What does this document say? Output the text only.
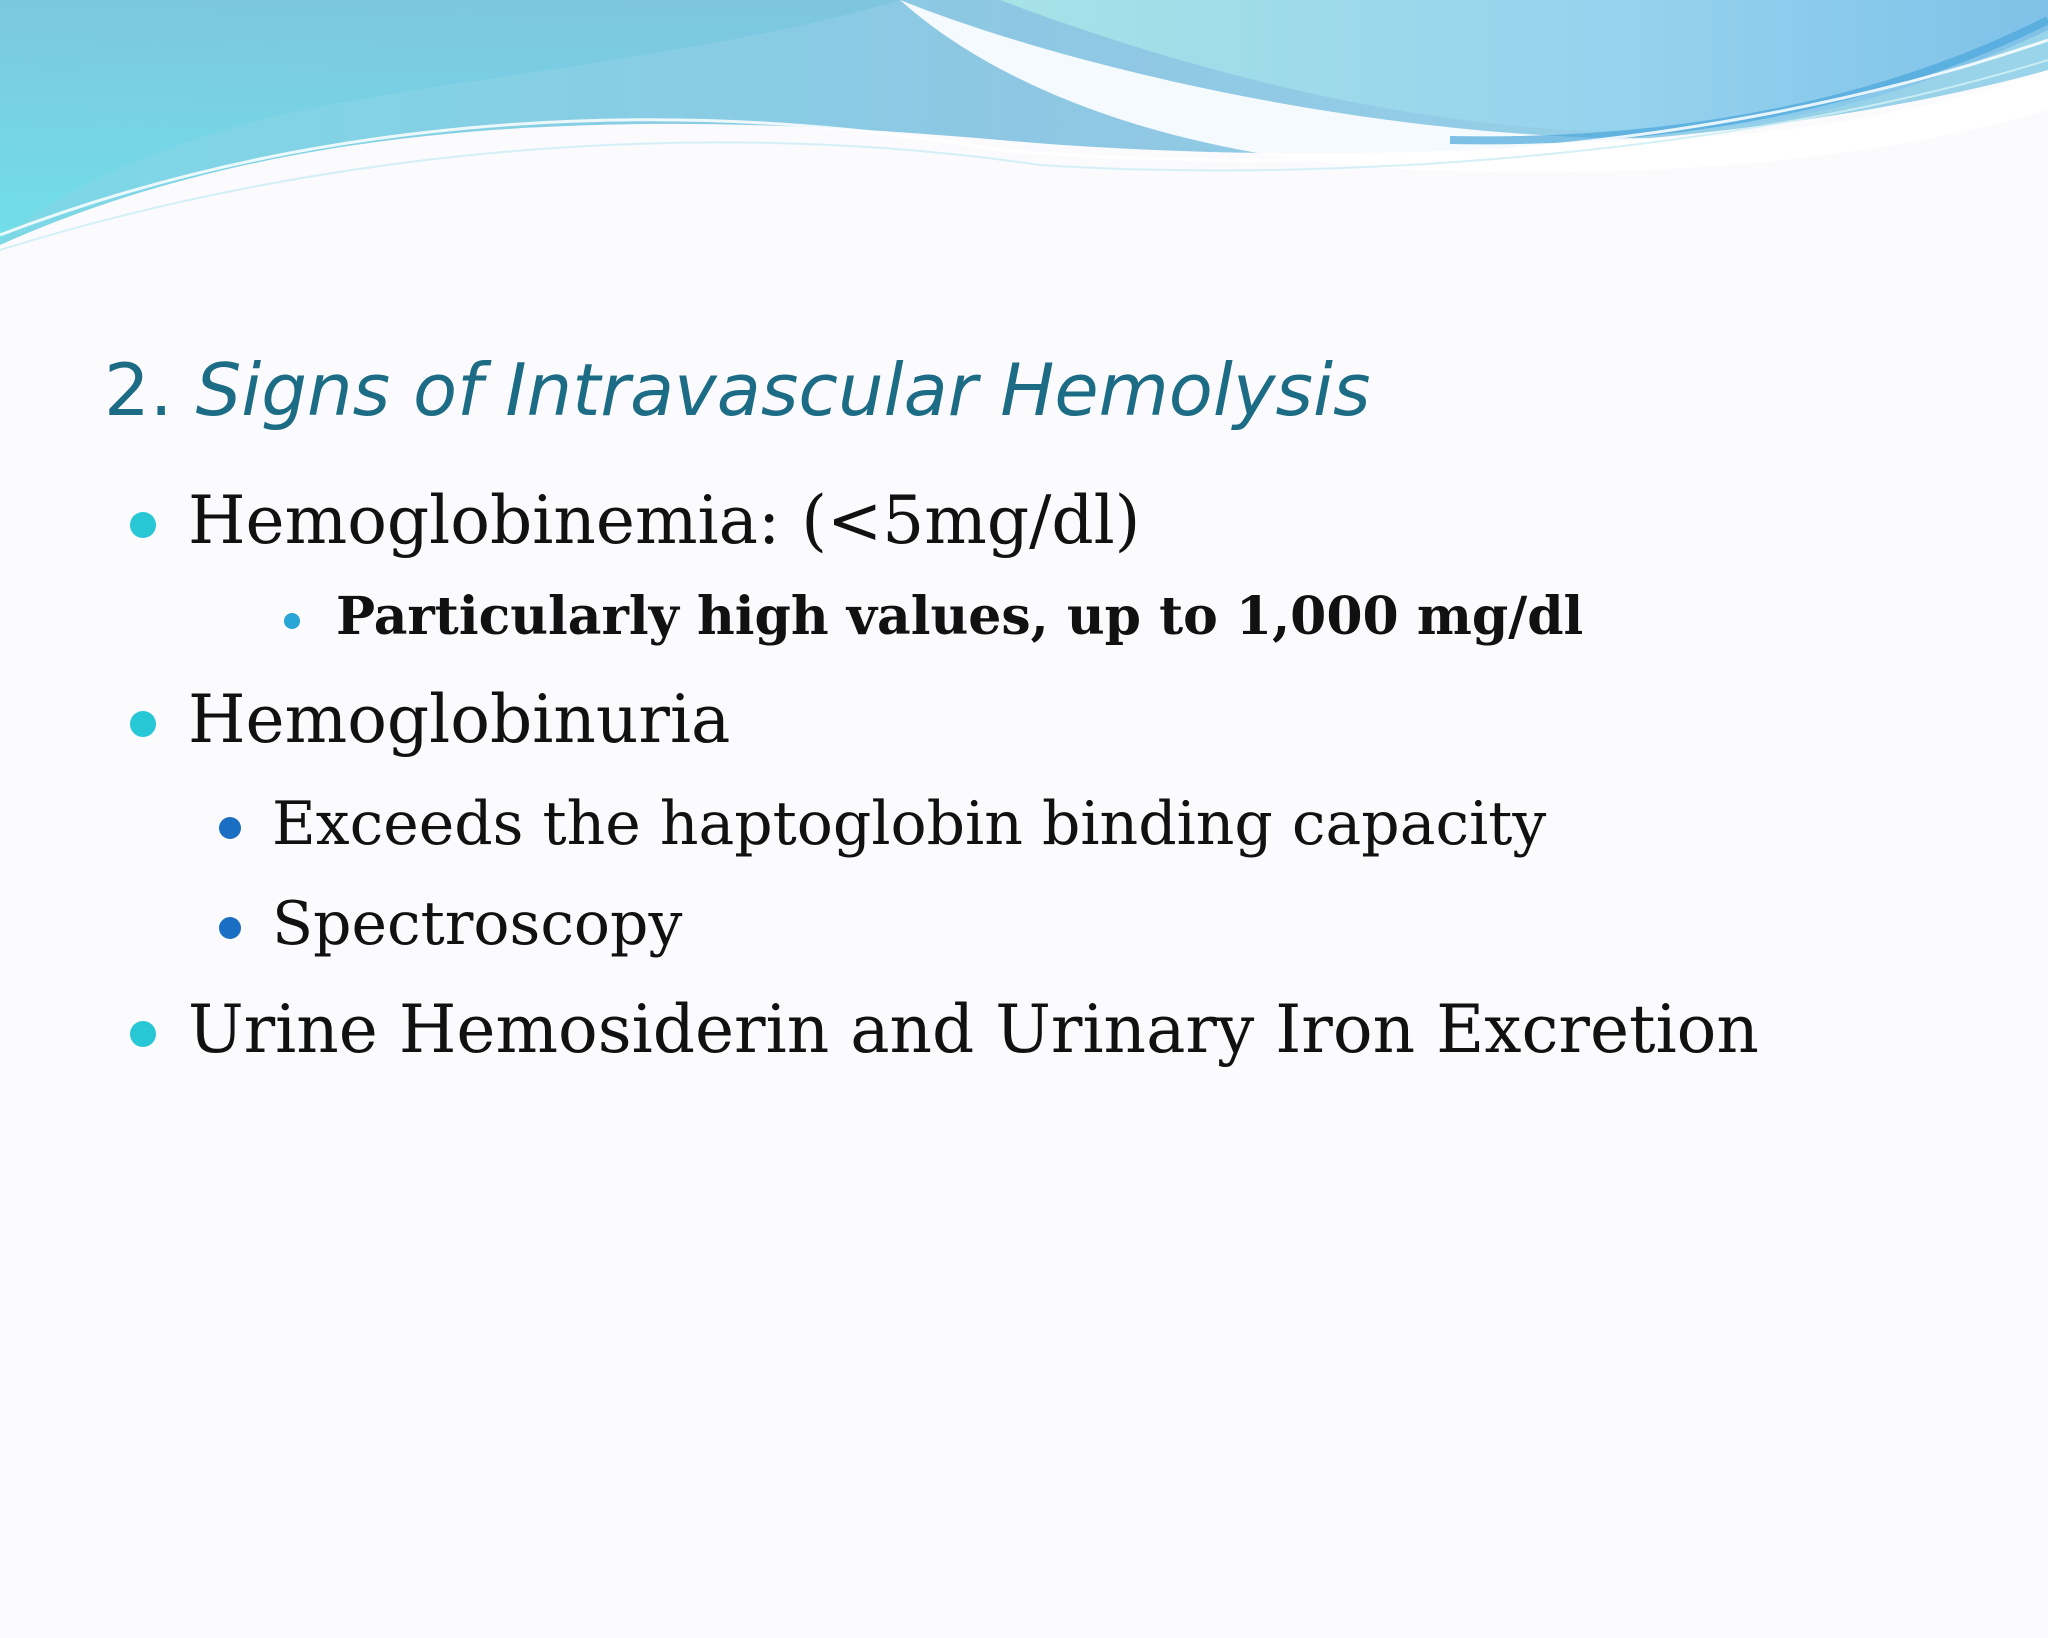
2. Signs of Intravascular Hemolysis
Hemoglobinemia: (<5mg/dl)
Particularly high values, up to 1,000 mg/dl
Hemoglobinuria
Exceeds the haptoglobin binding capacity
Spectroscopy
Urine Hemosiderin and Urinary Iron Excretion
